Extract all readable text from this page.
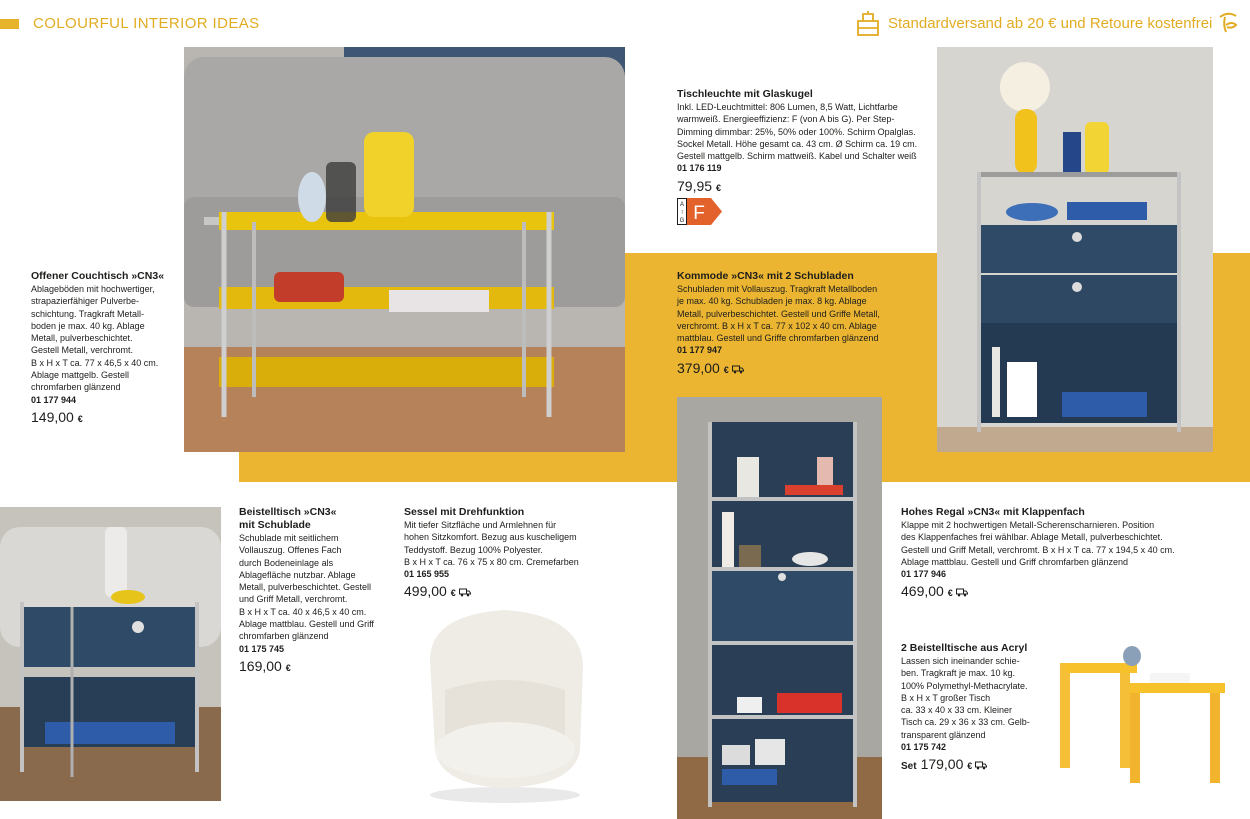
COLOURFUL INTERIOR IDEAS	Standardversand ab 20 € und Retoure kostenfrei
Offener Couchtisch »CN3«
Ablageböden mit hochwertiger,
strapazierfähiger Pulverbe-
schichtung. Tragkraft Metall-
boden je max. 40 kg. Ablage
Metall, pulverbeschichtet.
Gestell Metall, verchromt.
B x H x T ca. 77 x 46,5 x 40 cm.
Ablage mattgelb. Gestell
chromfarben glänzend
01 177 944
149,00 €
Tischleuchte mit Glaskugel
Inkl. LED-Leuchtmittel: 806 Lumen, 8,5 Watt, Lichtfarbe
warmweiß. Energieeffizienz: F (von A bis G). Per Step-
Dimming dimmbar: 25%, 50% oder 100%. Schirm Opalglas.
Sockel Metall. Höhe gesamt ca. 43 cm. Ø Schirm ca. 19 cm.
Gestell mattgelb. Schirm mattweiß. Kabel und Schalter weiß
01 176 119
79,95 €
A
↕
G F
Kommode »CN3« mit 2 Schubladen
Schubladen mit Vollauszug. Tragkraft Metallboden
je max. 40 kg. Schubladen je max. 8 kg. Ablage
Metall, pulverbeschichtet. Gestell und Griffe Metall,
verchromt. B x H x T ca. 77 x 102 x 40 cm. Ablage
mattblau. Gestell und Griffe chromfarben glänzend
01 177 947
379,00 €
Beistelltisch »CN3«
mit Schublade
Schublade mit seitlichem
Vollauszug. Offenes Fach
durch Bodeneinlage als
Ablagefläche nutzbar. Ablage
Metall, pulverbeschichtet. Gestell
und Griff Metall, verchromt.
B x H x T ca. 40 x 46,5 x 40 cm.
Ablage mattblau. Gestell und Griff
chromfarben glänzend
01 175 745
169,00 €
Sessel mit Drehfunktion
Mit tiefer Sitzfläche und Armlehnen für
hohen Sitzkomfort. Bezug aus kuscheligem
Teddystoff. Bezug 100% Polyester.
B x H x T ca. 76 x 75 x 80 cm. Cremefarben
01 165 955
499,00 €
Hohes Regal »CN3« mit Klappenfach
Klappe mit 2 hochwertigen Metall-Scherenscharnieren. Position
des Klappenfaches frei wählbar. Ablage Metall, pulverbeschichtet.
Gestell und Griff Metall, verchromt. B x H x T ca. 77 x 194,5 x 40 cm.
Ablage mattblau. Gestell und Griff chromfarben glänzend
01 177 946
469,00 €
2 Beistelltische aus Acryl
Lassen sich ineinander schie-
ben. Tragkraft je max. 10 kg.
100% Polymethyl-Methacrylate.
B x H x T großer Tisch
ca. 33 x 40 x 33 cm. Kleiner
Tisch ca. 29 x 36 x 33 cm. Gelb-
transparent glänzend
01 175 742
Set 179,00 €
